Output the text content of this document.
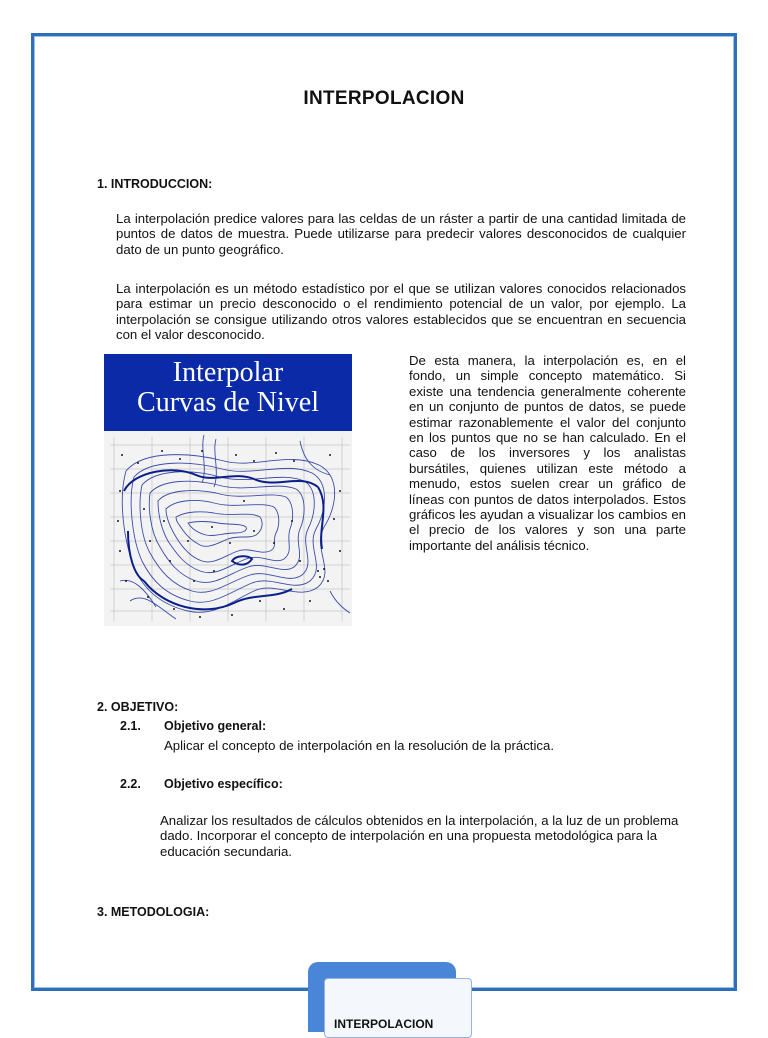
INTERPOLACION
1. INTRODUCCION:
La interpolación predice valores para las celdas de un ráster a partir de una cantidad limitada de puntos de datos de muestra. Puede utilizarse para predecir valores desconocidos de cualquier dato de un punto geográfico.
La interpolación es un método estadístico por el que se utilizan valores conocidos relacionados para estimar un precio desconocido o el rendimiento potencial de un valor, por ejemplo. La interpolación se consigue utilizando otros valores establecidos que se encuentran en secuencia con el valor desconocido.
Interpolar
Curvas de Nivel
De esta manera, la interpolación es, en el fondo, un simple concepto matemático. Si existe una tendencia generalmente coherente en un conjunto de puntos de datos, se puede estimar razonablemente el valor del conjunto en los puntos que no se han calculado. En el caso de los inversores y los analistas bursátiles, quienes utilizan este método a menudo, estos suelen crear un gráfico de líneas con puntos de datos interpolados. Estos gráficos les ayudan a visualizar los cambios en el precio de los valores y son una parte importante del análisis técnico.
2. OBJETIVO:
2.1. Objetivo general:
Aplicar el concepto de interpolación en la resolución de la práctica.
2.2. Objetivo específico:
Analizar los resultados de cálculos obtenidos en la interpolación, a la luz de un problema dado. Incorporar el concepto de interpolación en una propuesta metodológica para la educación secundaria.
3. METODOLOGIA:
INTERPOLACION
